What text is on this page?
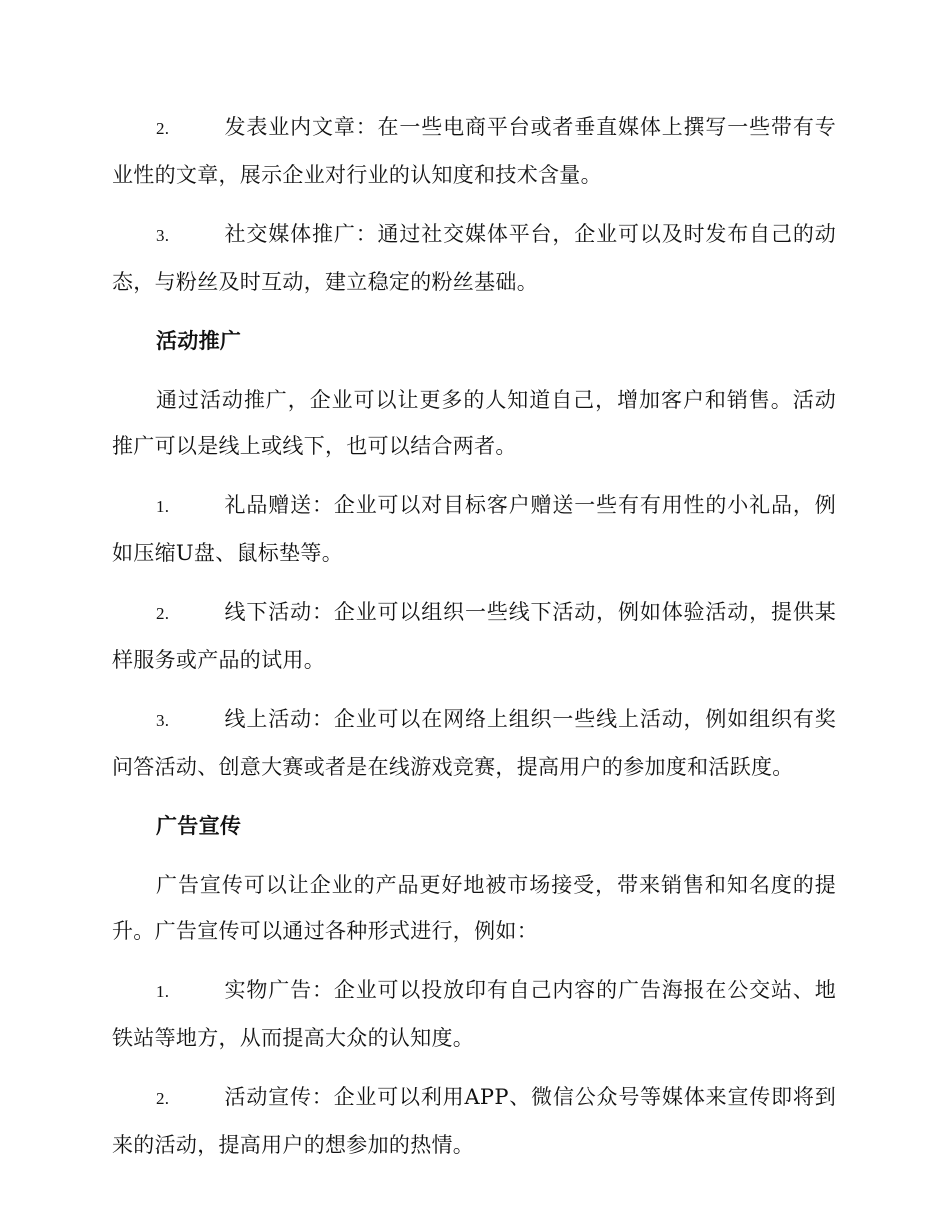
2.	发表业内文章：在一些电商平台或者垂直媒体上撰写一些带有专业性的文章，展示企业对行业的认知度和技术含量。

3.	社交媒体推广：通过社交媒体平台，企业可以及时发布自己的动态，与粉丝及时互动，建立稳定的粉丝基础。

活动推广

通过活动推广，企业可以让更多的人知道自己，增加客户和销售。活动推广可以是线上或线下，也可以结合两者。

1.	礼品赠送：企业可以对目标客户赠送一些有有用性的小礼品，例如压缩U盘、鼠标垫等。

2.	线下活动：企业可以组织一些线下活动，例如体验活动，提供某样服务或产品的试用。

3.	线上活动：企业可以在网络上组织一些线上活动，例如组织有奖问答活动、创意大赛或者是在线游戏竞赛，提高用户的参加度和活跃度。

广告宣传

广告宣传可以让企业的产品更好地被市场接受，带来销售和知名度的提升。广告宣传可以通过各种形式进行，例如：

1.	实物广告：企业可以投放印有自己内容的广告海报在公交站、地铁站等地方，从而提高大众的认知度。

2.	活动宣传：企业可以利用APP、微信公众号等媒体来宣传即将到来的活动，提高用户的想参加的热情。
